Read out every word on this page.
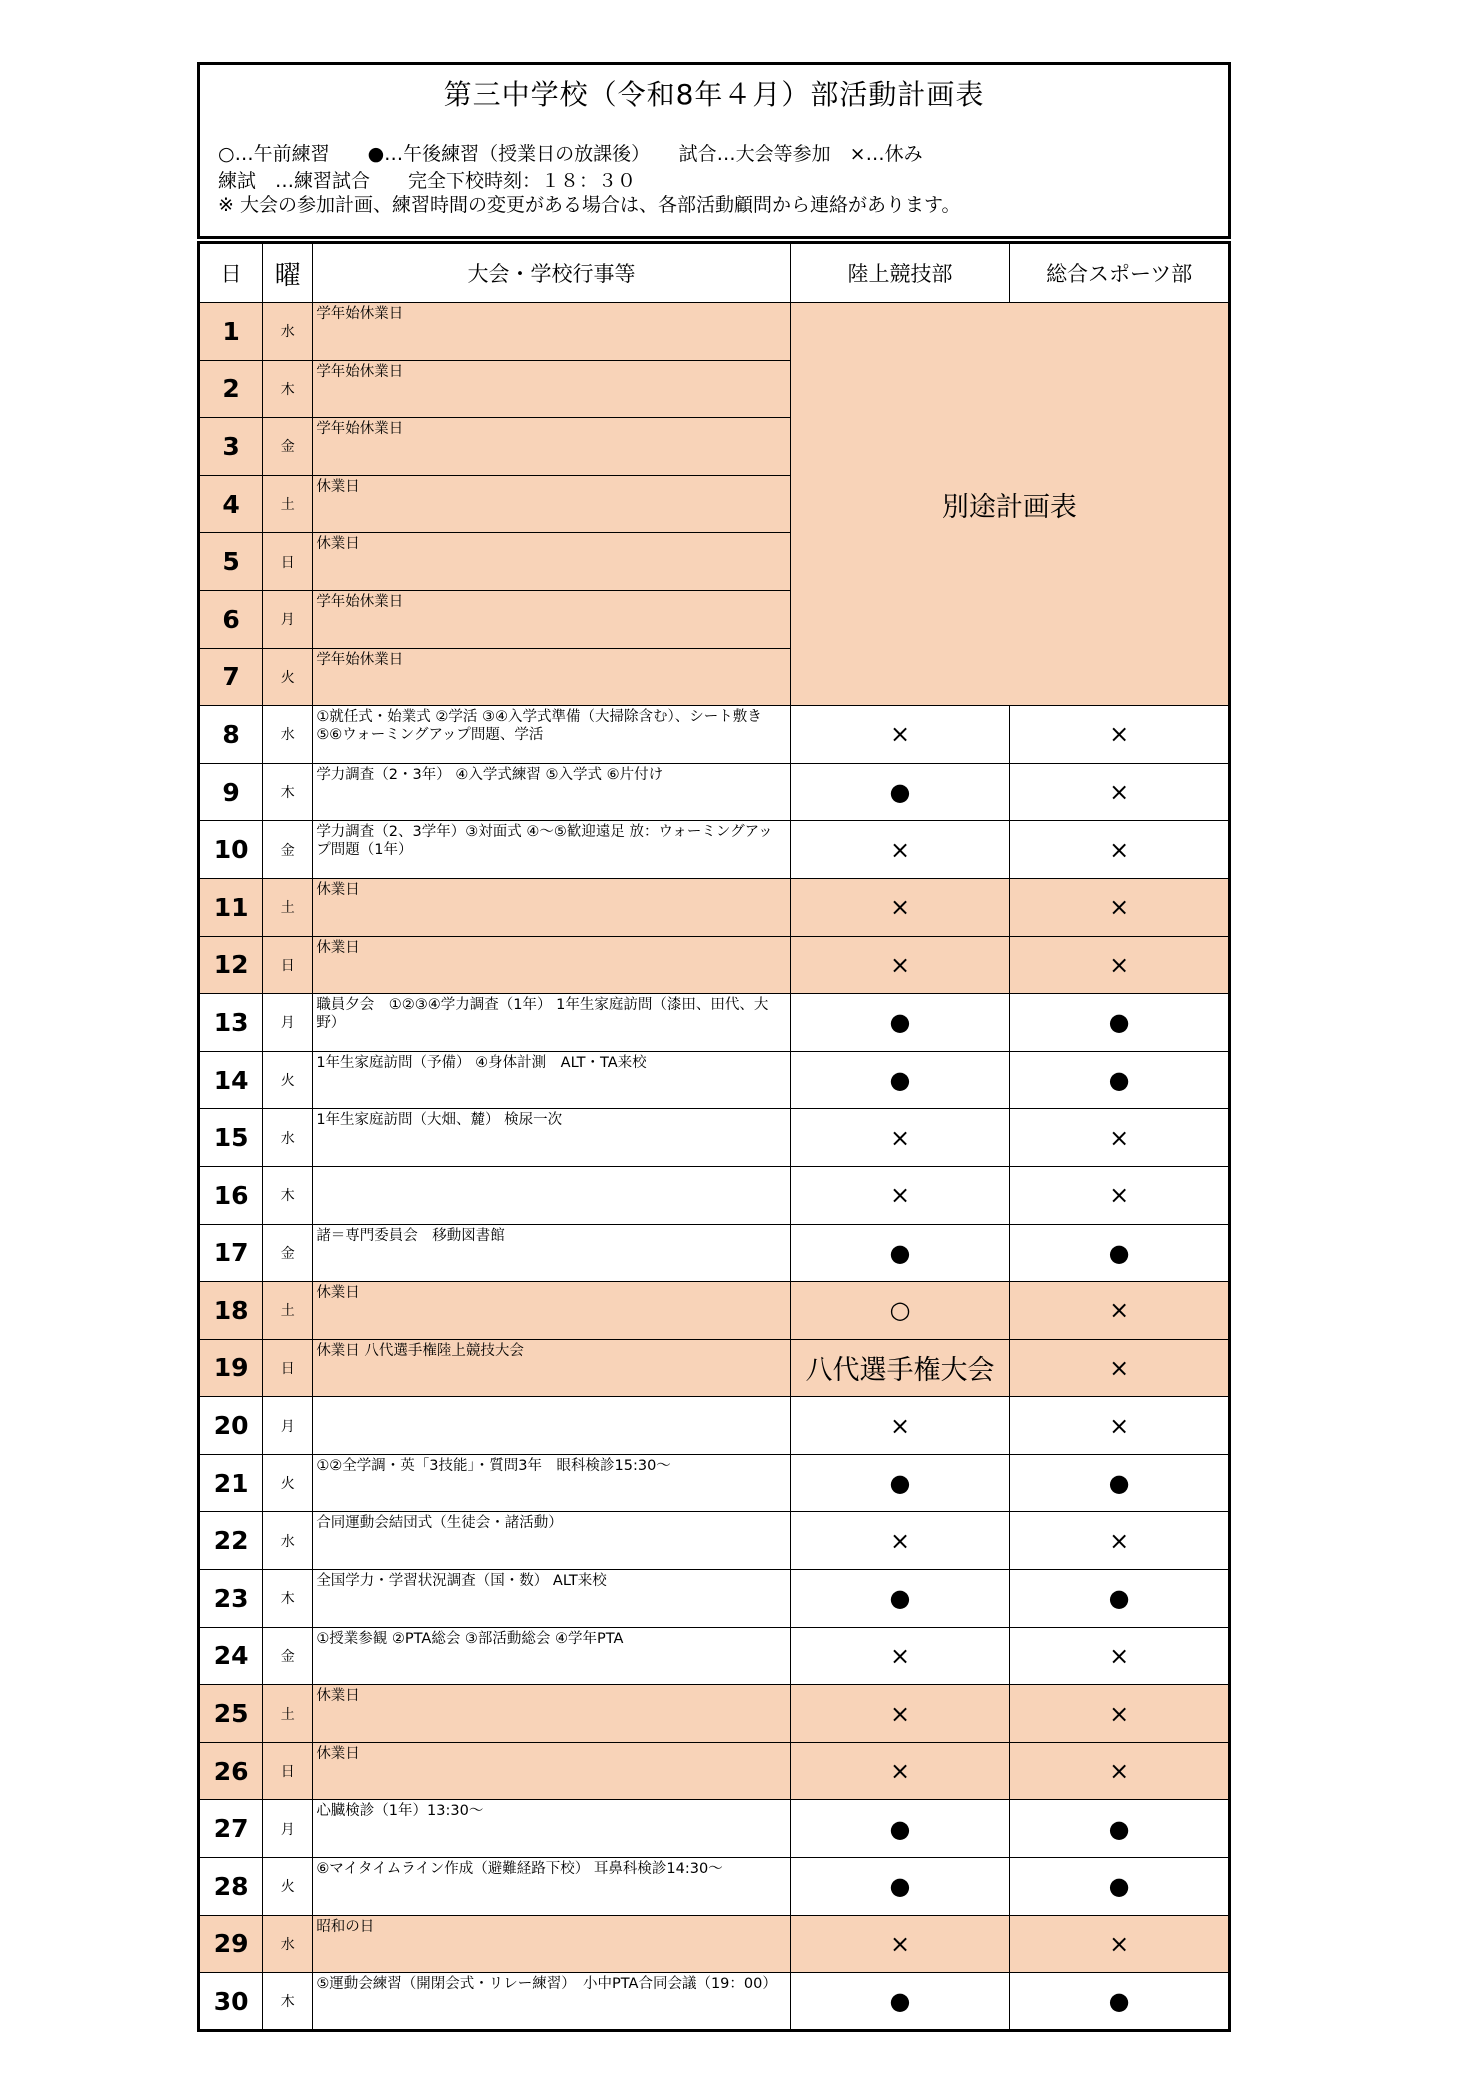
第三中学校（令和8年４月）部活動計画表
○…午前練習　　●…午後練習（授業日の放課後）　　試合…大会等参加　×…休み
練試　…練習試合　　完全下校時刻：１８：３０
※ 大会の参加計画、練習時間の変更がある場合は、各部活動顧問から連絡があります。
日	曜	大会・学校行事等	陸上競技部	総合スポーツ部
1	水	学年始休業日	別途計画表	
2	木	学年始休業日		
3	金	学年始休業日		
4	土	休業日		
5	日	休業日		
6	月	学年始休業日		
7	火	学年始休業日		
8	水	①就任式・始業式 ②学活 ③④入学式準備（大掃除含む）、シート敷き ⑤⑥ウォーミングアップ問題、学活	×	×
9	木	学力調査（2・3年） ④入学式練習 ⑤入学式 ⑥片付け	●	×
10	金	学力調査（2、3学年）③対面式 ④～⑤歓迎遠足 放：ウォーミングアップ問題（1年）	×	×
11	土	休業日	×	×
12	日	休業日	×	×
13	月	職員夕会　①②③④学力調査（1年） 1年生家庭訪問（漆田、田代、大野）	●	●
14	火	1年生家庭訪問（予備） ④身体計測　ALT・TA来校	●	●
15	水	1年生家庭訪問（大畑、麓） 検尿一次	×	×
16	木		×	×
17	金	諸＝専門委員会　移動図書館	●	●
18	土	休業日	○	×
19	日	休業日 八代選手権陸上競技大会	八代選手権大会	×
20	月		×	×
21	火	①②全学調・英「3技能」・質問3年　眼科検診15:30～	●	●
22	水	合同運動会結団式（生徒会・諸活動）	×	×
23	木	全国学力・学習状況調査（国・数） ALT来校	●	●
24	金	①授業参観 ②PTA総会 ③部活動総会 ④学年PTA	×	×
25	土	休業日	×	×
26	日	休業日	×	×
27	月	心臓検診（1年）13:30～	●	●
28	火	⑥マイタイムライン作成（避難経路下校） 耳鼻科検診14:30～	●	●
29	水	昭和の日	×	×
30	木	⑤運動会練習（開閉会式・リレー練習）　小中PTA合同会議（19：00）	●	●
